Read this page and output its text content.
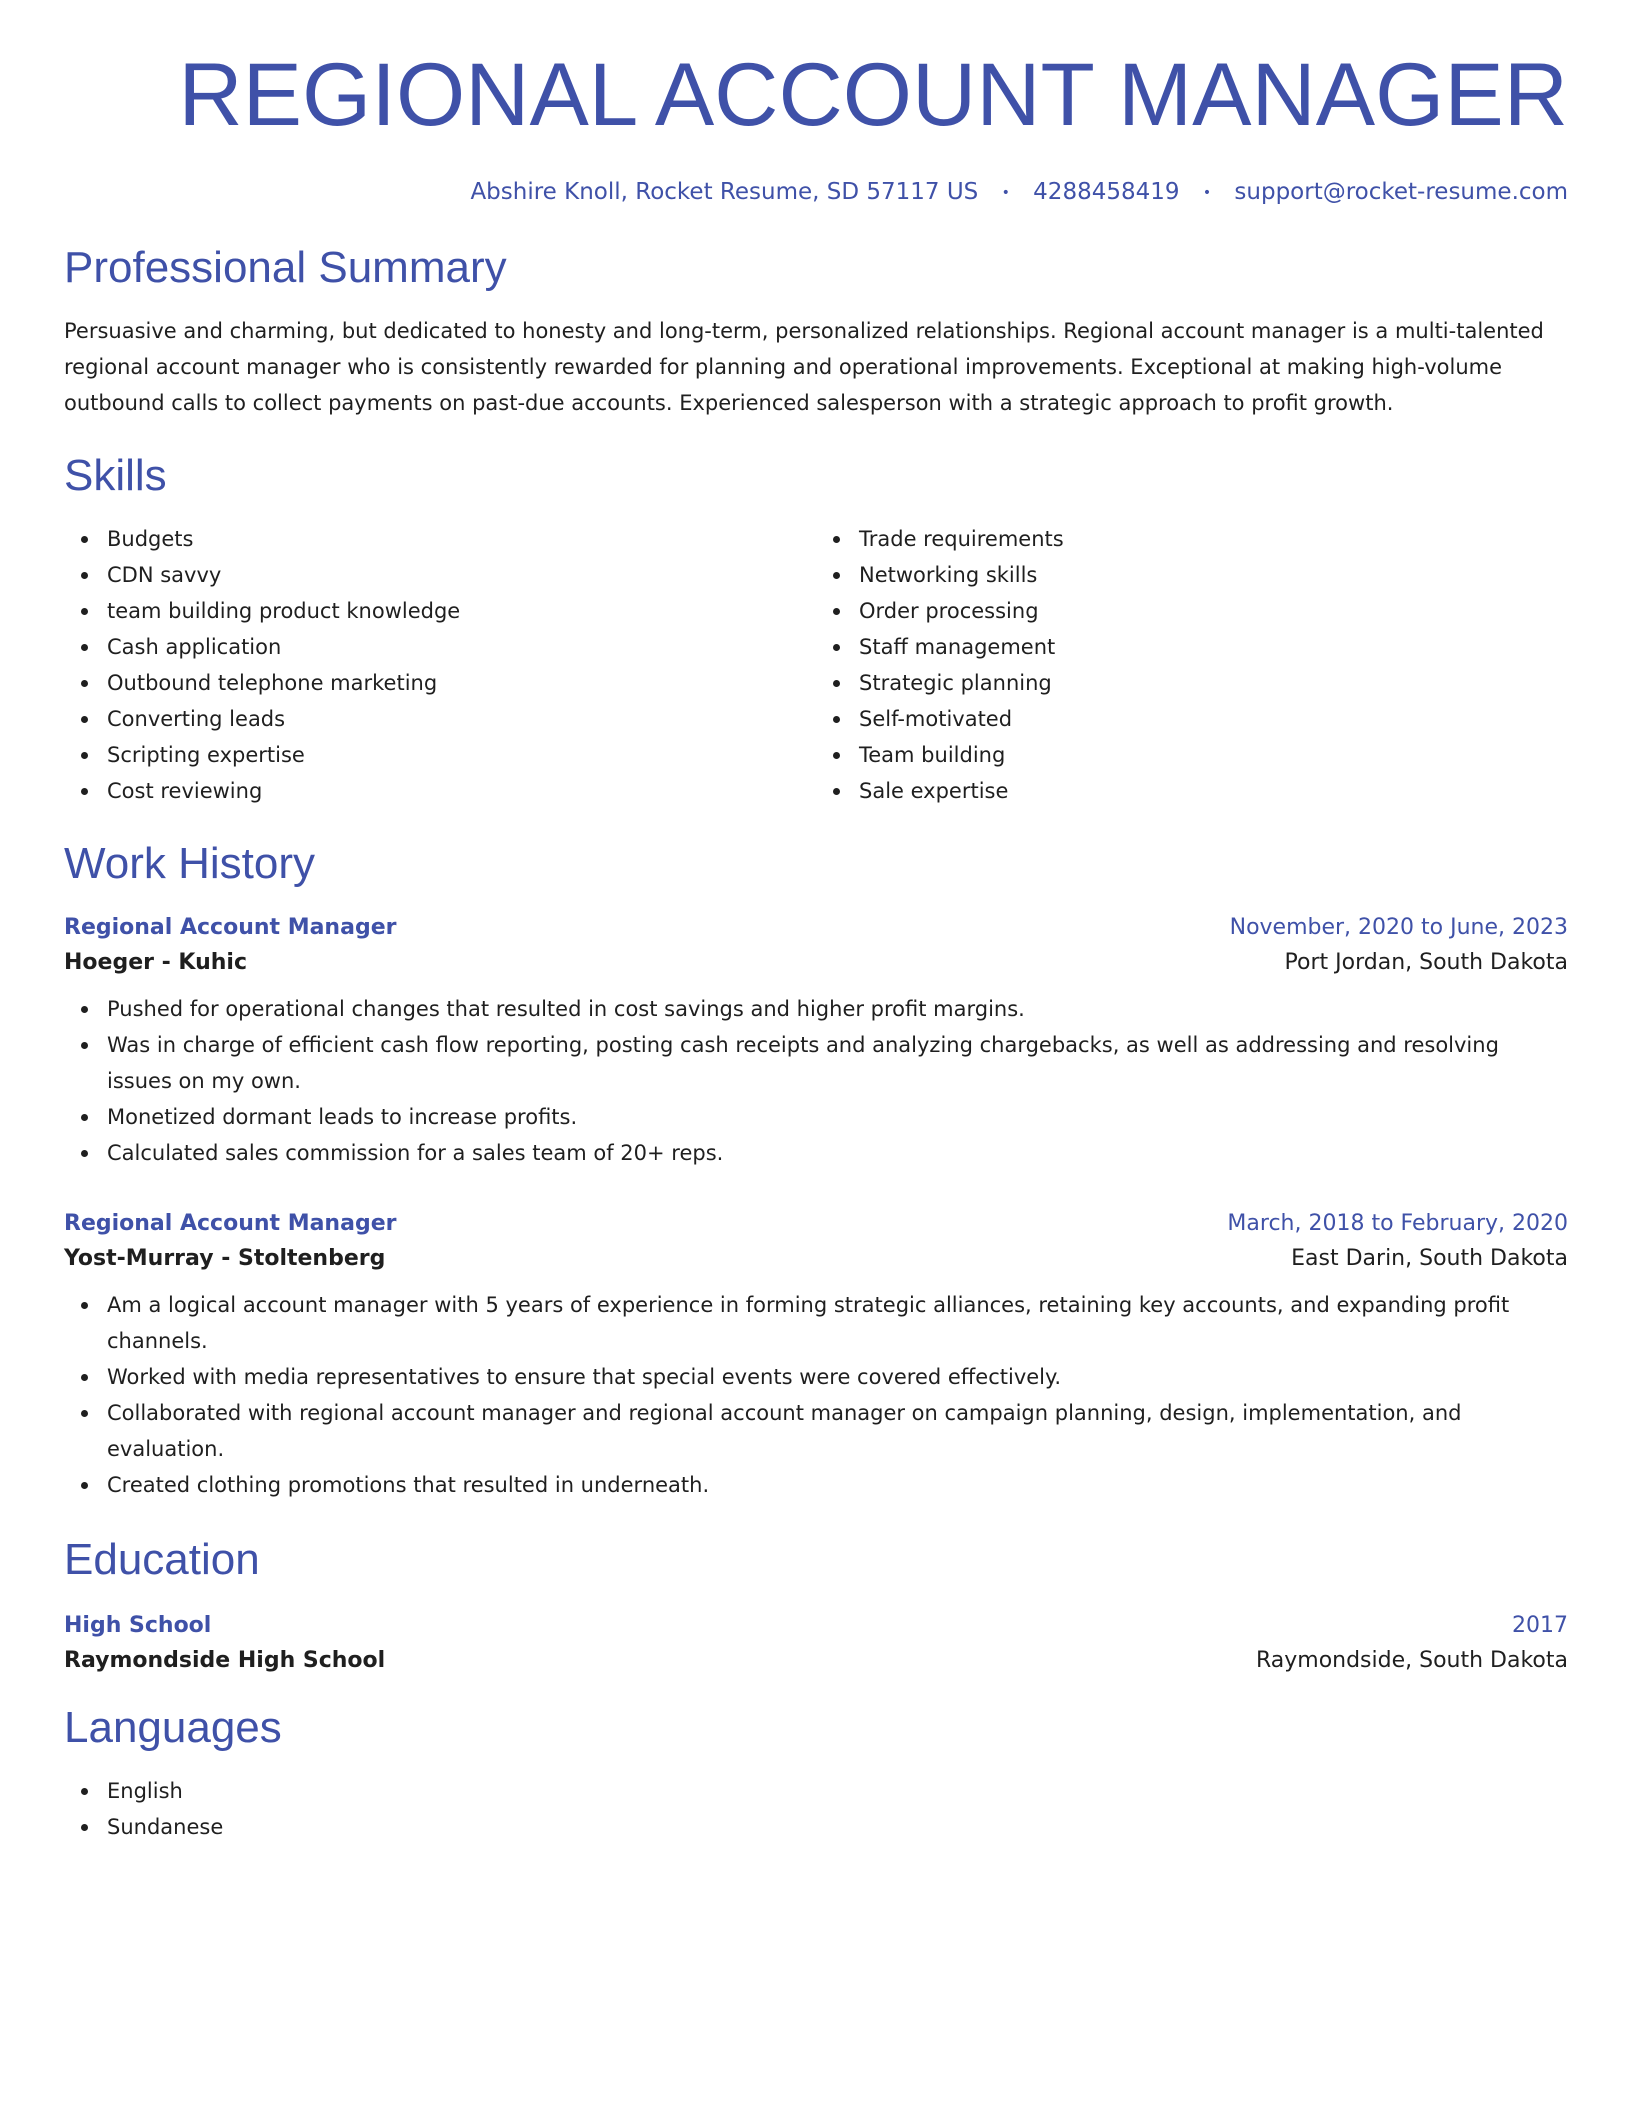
REGIONAL ACCOUNT MANAGER
Abshire Knoll, Rocket Resume, SD 57117 US • 4288458419 • support@rocket-resume.com
Professional Summary

Persuasive and charming, but dedicated to honesty and long-term, personalized relationships. Regional account manager is a multi-talented regional account manager who is consistently rewarded for planning and operational improvements. Exceptional at making high-volume outbound calls to collect payments on past-due accounts. Experienced salesperson with a strategic approach to profit growth.

Skills
Budgets
CDN savvy
team building product knowledge
Cash application
Outbound telephone marketing
Converting leads
Scripting expertise
Cost reviewing
Trade requirements
Networking skills
Order processing
Staff management
Strategic planning
Self-motivated
Team building
Sale expertise
Work History
Regional Account Manager	November, 2020 to June, 2023
Hoeger - Kuhic	Port Jordan, South Dakota
Pushed for operational changes that resulted in cost savings and higher profit margins.
Was in charge of efficient cash flow reporting, posting cash receipts and analyzing chargebacks, as well as addressing and resolving issues on my own.
Monetized dormant leads to increase profits.
Calculated sales commission for a sales team of 20+ reps.
Regional Account Manager	March, 2018 to February, 2020
Yost-Murray - Stoltenberg	East Darin, South Dakota
Am a logical account manager with 5 years of experience in forming strategic alliances, retaining key accounts, and expanding profit channels.
Worked with media representatives to ensure that special events were covered effectively.
Collaborated with regional account manager and regional account manager on campaign planning, design, implementation, and evaluation.
Created clothing promotions that resulted in underneath.
Education
High School	2017
Raymondside High School	Raymondside, South Dakota
Languages
English
Sundanese
